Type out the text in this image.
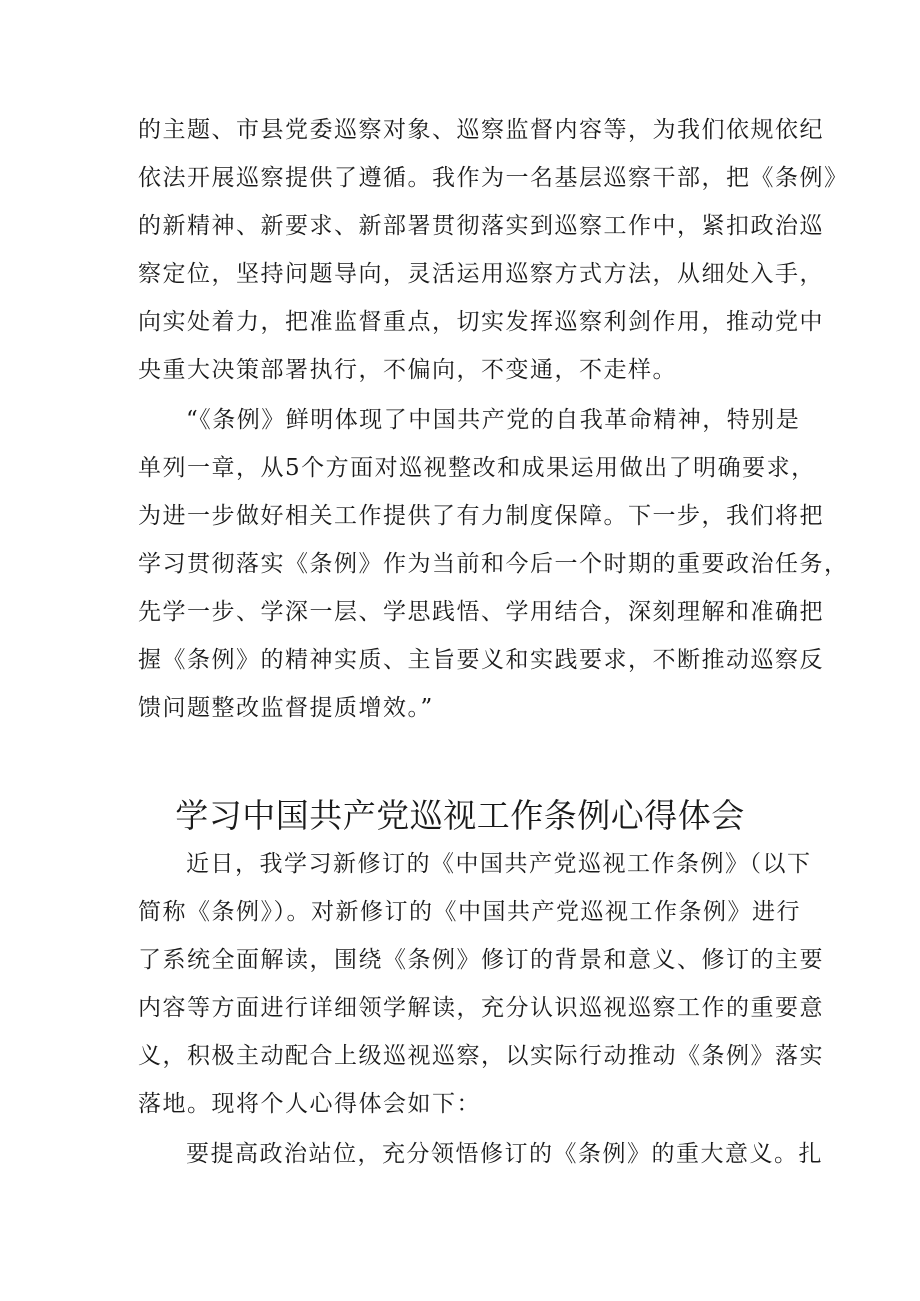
的主题、市县党委巡察对象、巡察监督内容等，为我们依规依纪
依法开展巡察提供了遵循。我作为一名基层巡察干部，把《条例》
的新精神、新要求、新部署贯彻落实到巡察工作中，紧扣政治巡
察定位，坚持问题导向，灵活运用巡察方式方法，从细处入手，
向实处着力，把准监督重点，切实发挥巡察利剑作用，推动党中
央重大决策部署执行，不偏向，不变通，不走样。
“《条例》鲜明体现了中国共产党的自我革命精神，特别是
单列一章，从5个方面对巡视整改和成果运用做出了明确要求，
为进一步做好相关工作提供了有力制度保障。下一步，我们将把
学习贯彻落实《条例》作为当前和今后一个时期的重要政治任务，
先学一步、学深一层、学思践悟、学用结合，深刻理解和准确把
握《条例》的精神实质、主旨要义和实践要求，不断推动巡察反
馈问题整改监督提质增效。”
学习中国共产党巡视工作条例心得体会
近日，我学习新修订的《中国共产党巡视工作条例》（以下
简称《条例》）。对新修订的《中国共产党巡视工作条例》进行
了系统全面解读，围绕《条例》修订的背景和意义、修订的主要
内容等方面进行详细领学解读，充分认识巡视巡察工作的重要意
义，积极主动配合上级巡视巡察，以实际行动推动《条例》落实
落地。现将个人心得体会如下：
要提高政治站位，充分领悟修订的《条例》的重大意义。扎
